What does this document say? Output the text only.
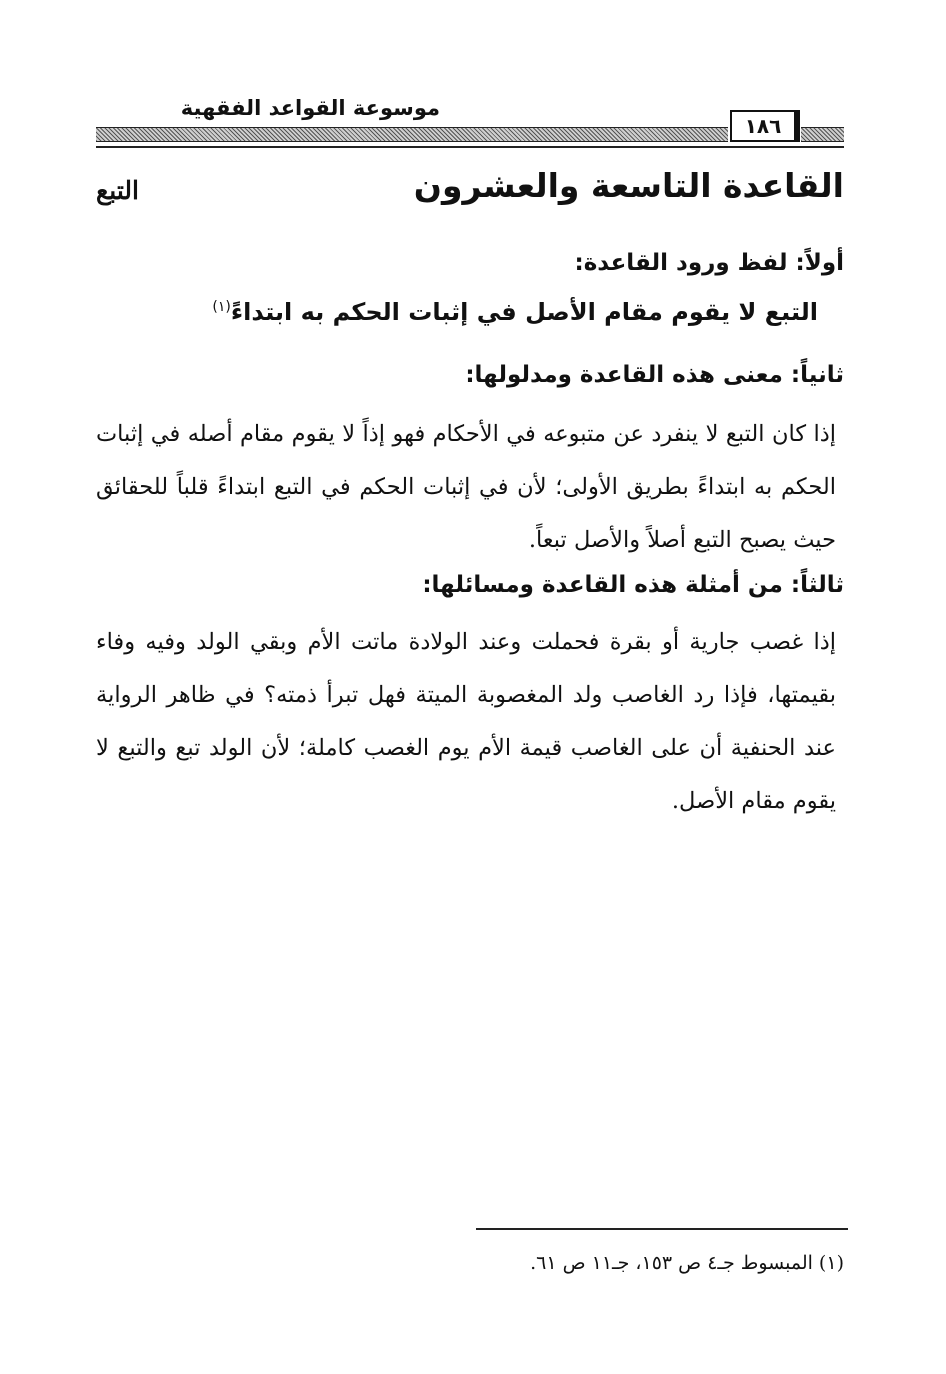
موسوعة القواعد الفقهية
١٨٦
القاعدة التاسعة والعشرون
التبع
أولاً: لفظ ورود القاعدة:
التبع لا يقوم مقام الأصل في إثبات الحكم به ابتداءً$^{(١)}$
ثانياً: معنى هذه القاعدة ومدلولها:
إذا كان التبع لا ينفرد عن متبوعه في الأحكام فهو إذاً لا يقوم مقام أصله في إثبات الحكم به ابتداءً بطريق الأولى؛ لأن في إثبات الحكم في التبع ابتداءً قلباً للحقائق حيث يصبح التبع أصلاً والأصل تبعاً.
ثالثاً: من أمثلة هذه القاعدة ومسائلها:
إذا غصب جارية أو بقرة فحملت وعند الولادة ماتت الأم وبقي الولد وفيه وفاء بقيمتها، فإذا رد الغاصب ولد المغصوبة الميتة فهل تبرأ ذمته؟ في ظاهر الرواية عند الحنفية أن على الغاصب قيمة الأم يوم الغصب كاملة؛ لأن الولد تبع والتبع لا يقوم مقام الأصل.
(١) المبسوط جـ٤ ص ١٥٣، جـ١١ ص ٦١.
